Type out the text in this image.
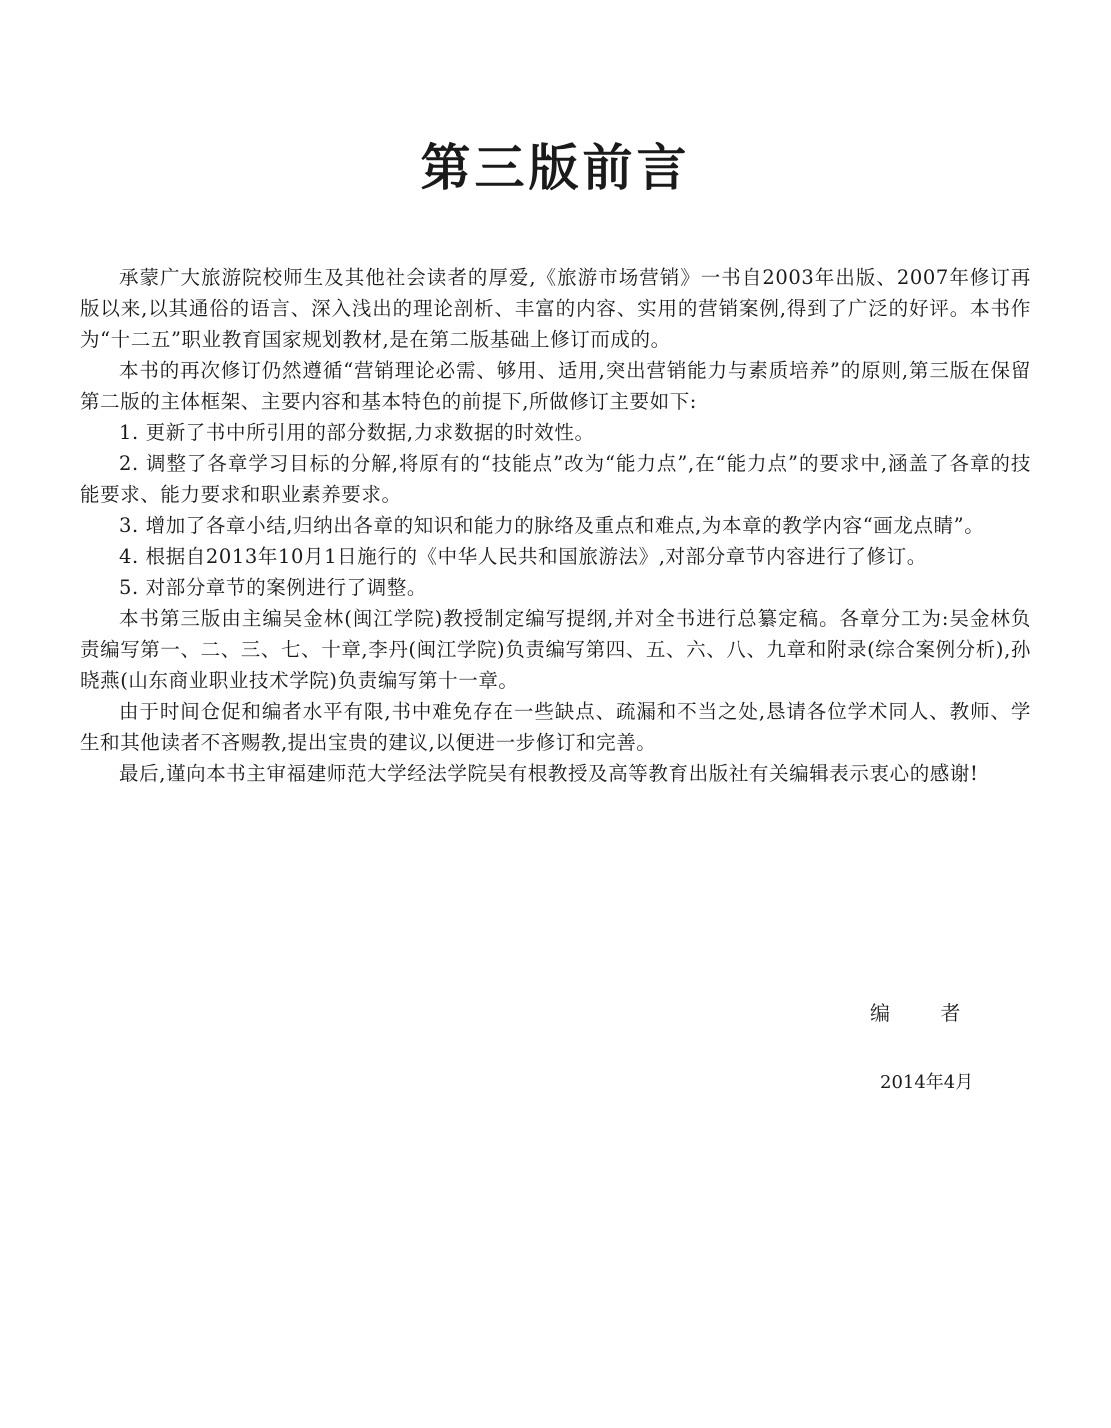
第三版前言

承蒙广大旅游院校师生及其他社会读者的厚爱,《旅游市场营销》一书自2003年出版、2007年修订再版以来,以其通俗的语言、深入浅出的理论剖析、丰富的内容、实用的营销案例,得到了广泛的好评。本书作为“十二五”职业教育国家规划教材,是在第二版基础上修订而成的。

本书的再次修订仍然遵循“营销理论必需、够用、适用,突出营销能力与素质培养”的原则,第三版在保留第二版的主体框架、主要内容和基本特色的前提下,所做修订主要如下:

1. 更新了书中所引用的部分数据,力求数据的时效性。

2. 调整了各章学习目标的分解,将原有的“技能点”改为“能力点”,在“能力点”的要求中,涵盖了各章的技能要求、能力要求和职业素养要求。

3. 增加了各章小结,归纳出各章的知识和能力的脉络及重点和难点,为本章的教学内容“画龙点睛”。

4. 根据自2013年10月1日施行的《中华人民共和国旅游法》,对部分章节内容进行了修订。

5. 对部分章节的案例进行了调整。

本书第三版由主编吴金林(闽江学院)教授制定编写提纲,并对全书进行总纂定稿。各章分工为:吴金林负责编写第一、二、三、七、十章,李丹(闽江学院)负责编写第四、五、六、八、九章和附录(综合案例分析),孙晓燕(山东商业职业技术学院)负责编写第十一章。

由于时间仓促和编者水平有限,书中难免存在一些缺点、疏漏和不当之处,恳请各位学术同人、教师、学生和其他读者不吝赐教,提出宝贵的建议,以便进一步修订和完善。

最后,谨向本书主审福建师范大学经法学院吴有根教授及高等教育出版社有关编辑表示衷心的感谢!

编 者

2014年4月
